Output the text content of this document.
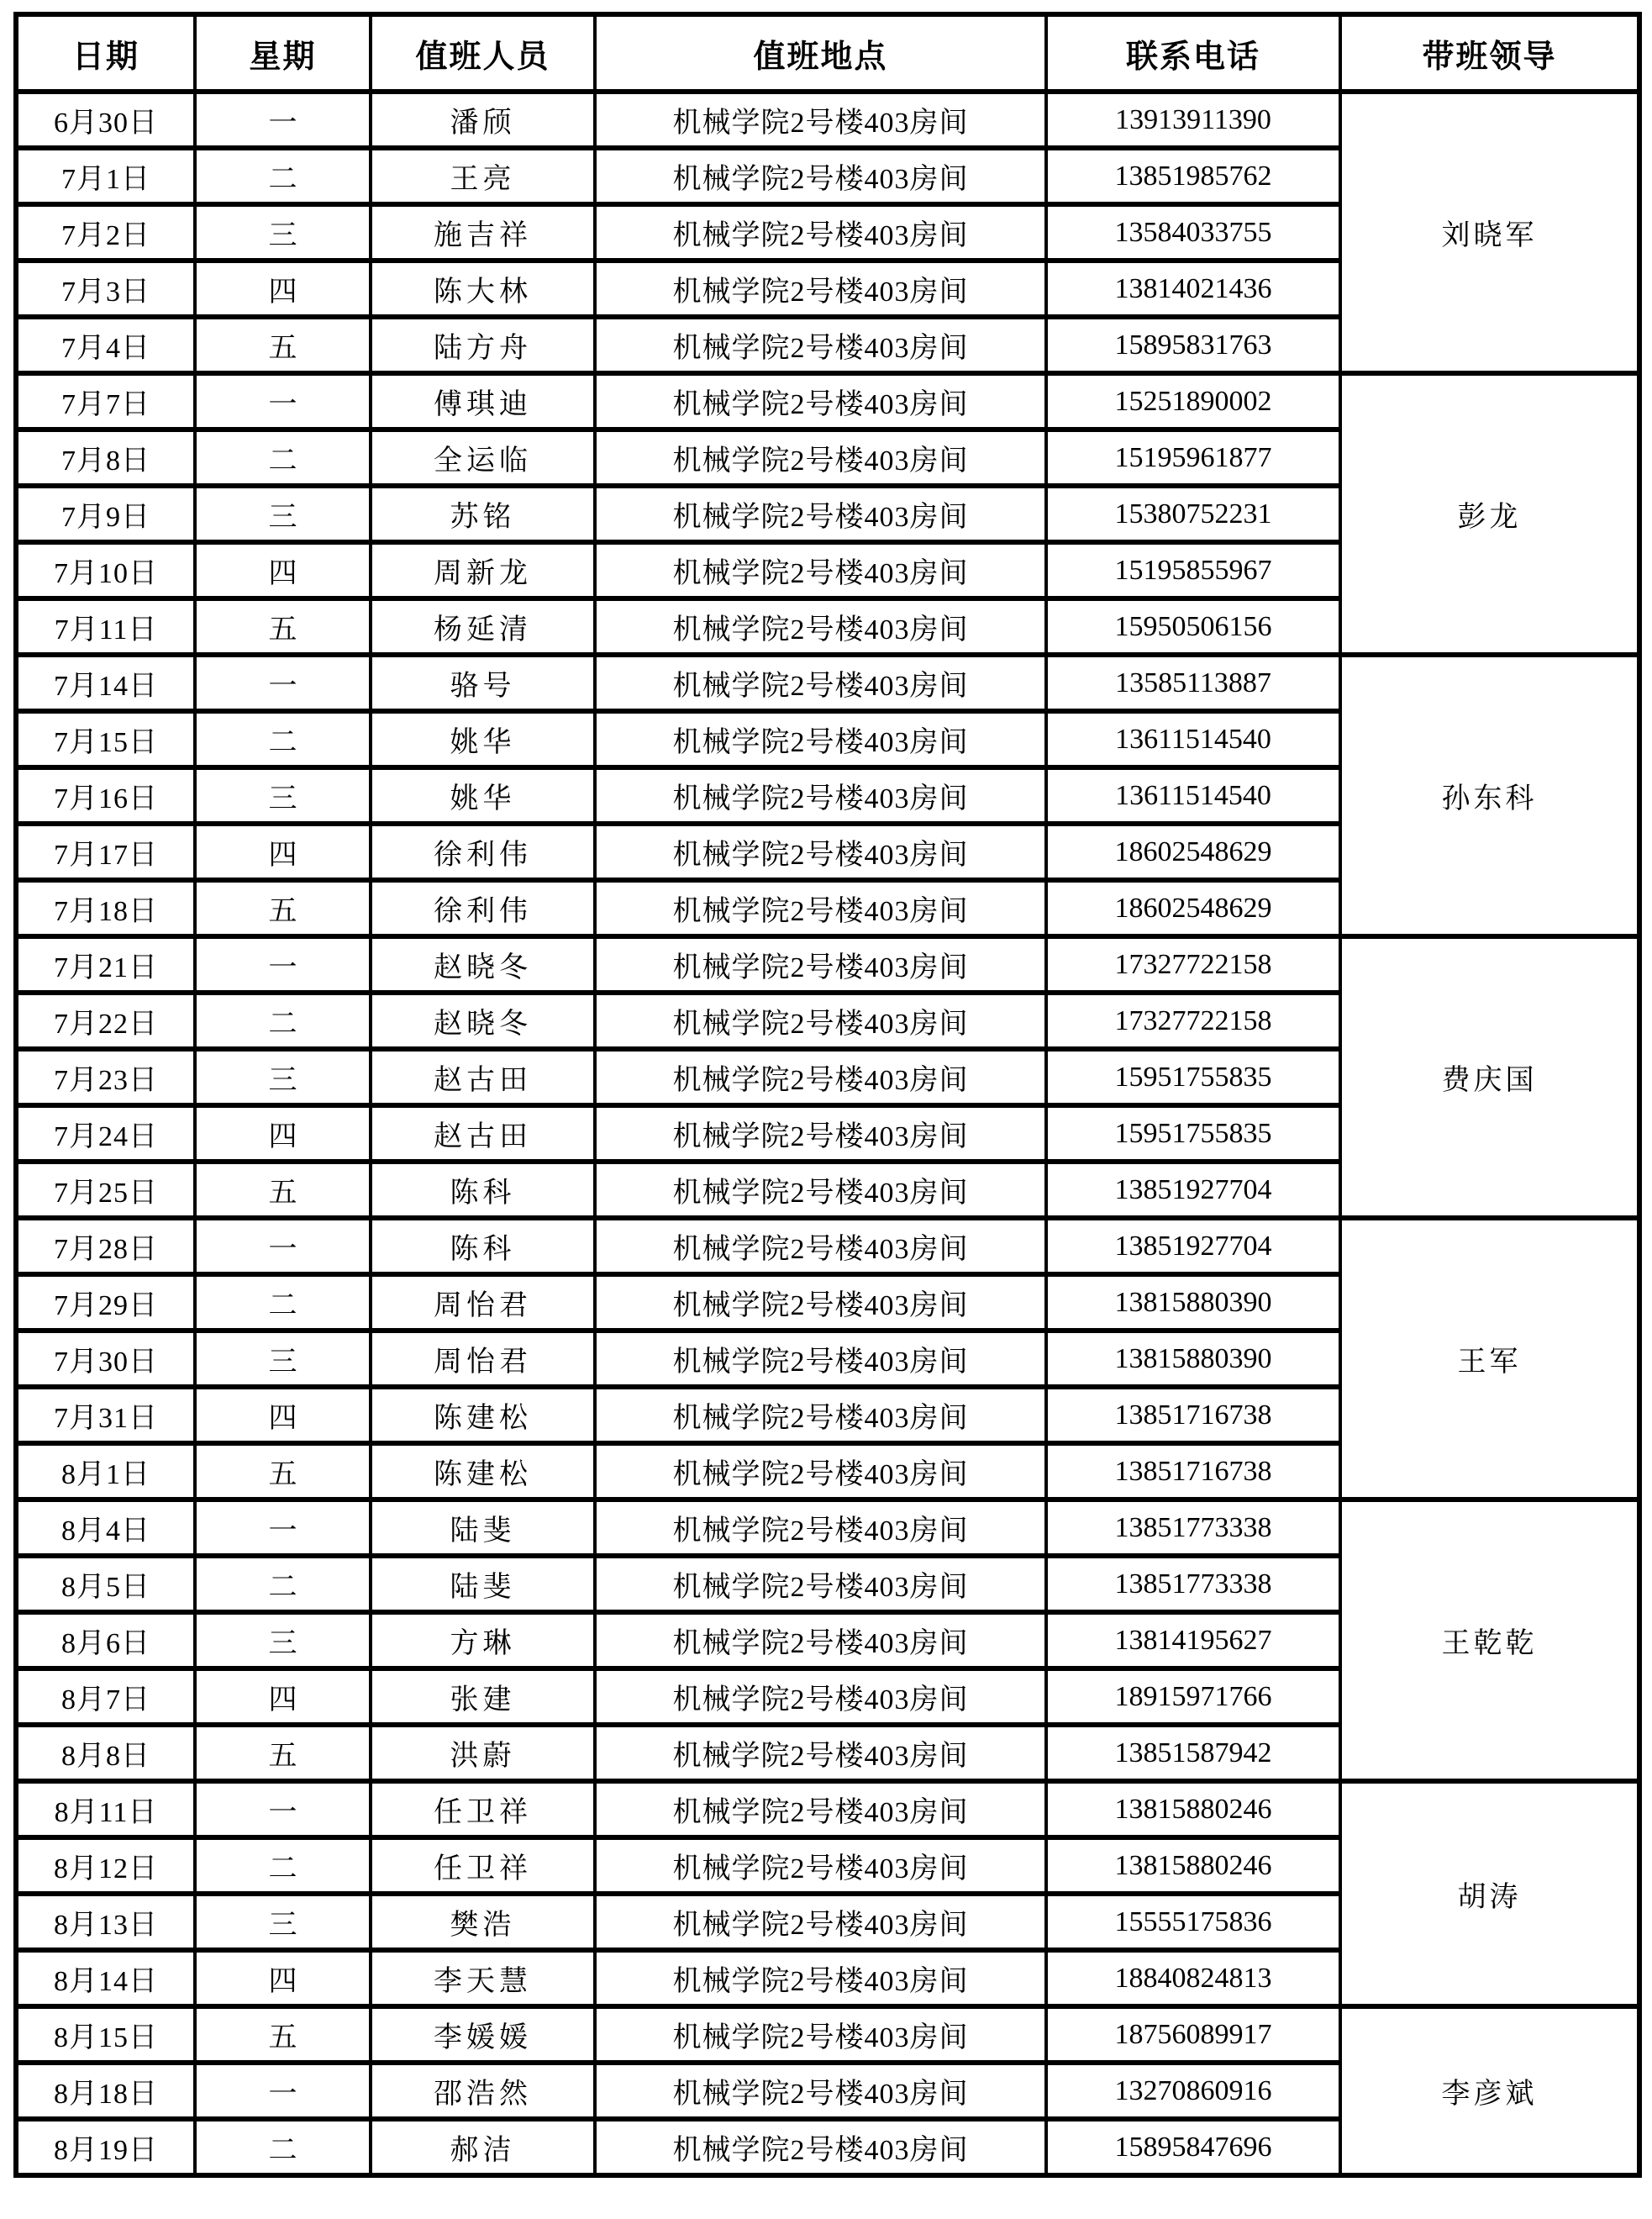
日期	星期	值班人员	值班地点	联系电话	带班领导
6月30日	一	潘颀	机械学院2号楼403房间	13913911390	刘晓军
7月1日	二	王亮	机械学院2号楼403房间	13851985762	
7月2日	三	施吉祥	机械学院2号楼403房间	13584033755	
7月3日	四	陈大林	机械学院2号楼403房间	13814021436	
7月4日	五	陆方舟	机械学院2号楼403房间	15895831763	
7月7日	一	傅琪迪	机械学院2号楼403房间	15251890002	彭龙
7月8日	二	全运临	机械学院2号楼403房间	15195961877	
7月9日	三	苏铭	机械学院2号楼403房间	15380752231	
7月10日	四	周新龙	机械学院2号楼403房间	15195855967	
7月11日	五	杨延清	机械学院2号楼403房间	15950506156	
7月14日	一	骆号	机械学院2号楼403房间	13585113887	孙东科
7月15日	二	姚华	机械学院2号楼403房间	13611514540	
7月16日	三	姚华	机械学院2号楼403房间	13611514540	
7月17日	四	徐利伟	机械学院2号楼403房间	18602548629	
7月18日	五	徐利伟	机械学院2号楼403房间	18602548629	
7月21日	一	赵晓冬	机械学院2号楼403房间	17327722158	费庆国
7月22日	二	赵晓冬	机械学院2号楼403房间	17327722158	
7月23日	三	赵古田	机械学院2号楼403房间	15951755835	
7月24日	四	赵古田	机械学院2号楼403房间	15951755835	
7月25日	五	陈科	机械学院2号楼403房间	13851927704	
7月28日	一	陈科	机械学院2号楼403房间	13851927704	王军
7月29日	二	周怡君	机械学院2号楼403房间	13815880390	
7月30日	三	周怡君	机械学院2号楼403房间	13815880390	
7月31日	四	陈建松	机械学院2号楼403房间	13851716738	
8月1日	五	陈建松	机械学院2号楼403房间	13851716738	
8月4日	一	陆斐	机械学院2号楼403房间	13851773338	王乾乾
8月5日	二	陆斐	机械学院2号楼403房间	13851773338	
8月6日	三	方琳	机械学院2号楼403房间	13814195627	
8月7日	四	张建	机械学院2号楼403房间	18915971766	
8月8日	五	洪蔚	机械学院2号楼403房间	13851587942	
8月11日	一	任卫祥	机械学院2号楼403房间	13815880246	胡涛
8月12日	二	任卫祥	机械学院2号楼403房间	13815880246	
8月13日	三	樊浩	机械学院2号楼403房间	15555175836	
8月14日	四	李天慧	机械学院2号楼403房间	18840824813	
8月15日	五	李媛媛	机械学院2号楼403房间	18756089917	李彦斌
8月18日	一	邵浩然	机械学院2号楼403房间	13270860916	
8月19日	二	郝洁	机械学院2号楼403房间	15895847696	
